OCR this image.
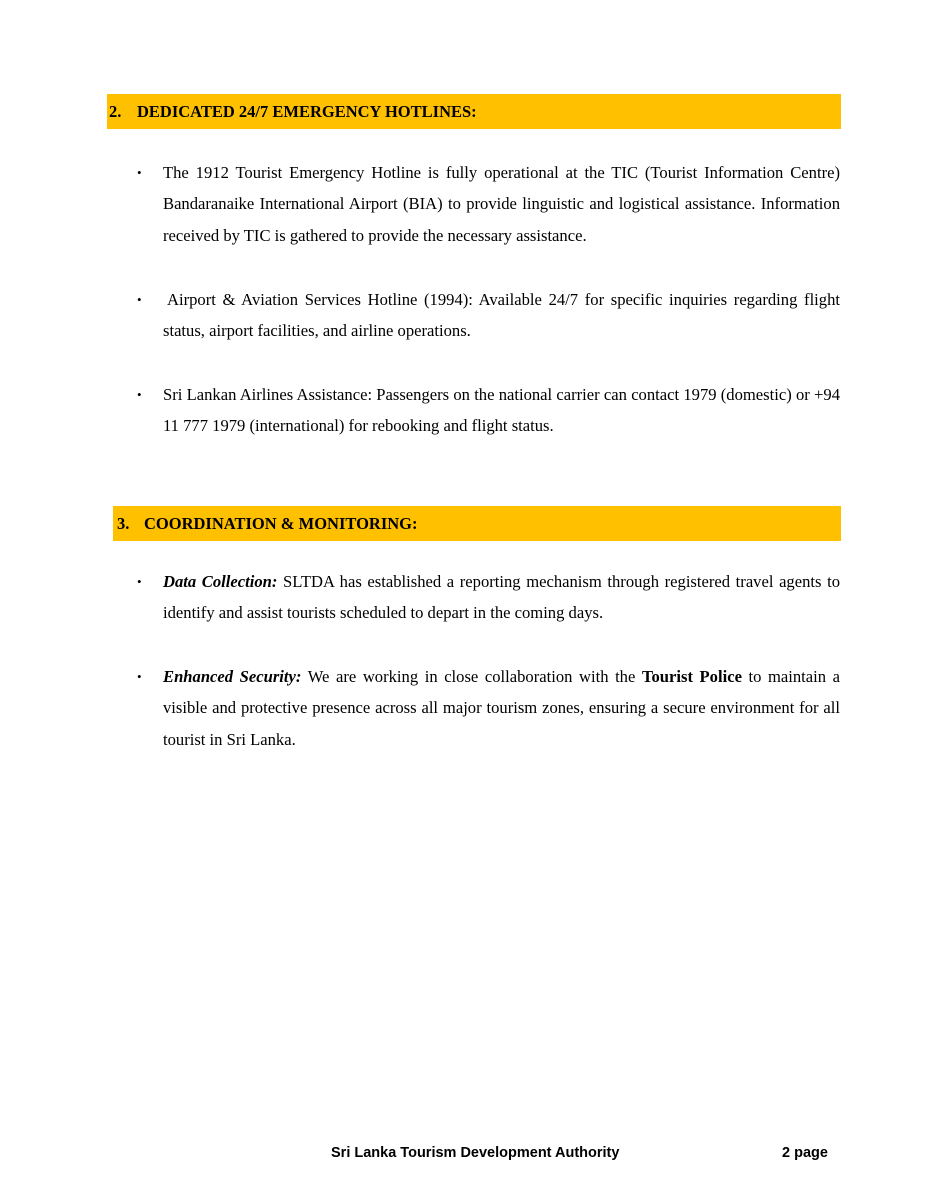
2. DEDICATED 24/7 EMERGENCY HOTLINES:
• The 1912 Tourist Emergency Hotline is fully operational at the TIC (Tourist Information Centre) Bandaranaike International Airport (BIA) to provide linguistic and logistical assistance. Information received by TIC is gathered to provide the necessary assistance.
• Airport & Aviation Services Hotline (1994): Available 24/7 for specific inquiries regarding flight status, airport facilities, and airline operations.
• Sri Lankan Airlines Assistance: Passengers on the national carrier can contact 1979 (domestic) or +94 11 777 1979 (international) for rebooking and flight status.
3. COORDINATION & MONITORING:
• Data Collection: SLTDA has established a reporting mechanism through registered travel agents to identify and assist tourists scheduled to depart in the coming days.
• Enhanced Security: We are working in close collaboration with the Tourist Police to maintain a visible and protective presence across all major tourism zones, ensuring a secure environment for all tourist in Sri Lanka.
Sri Lanka Tourism Development Authority	2 page
